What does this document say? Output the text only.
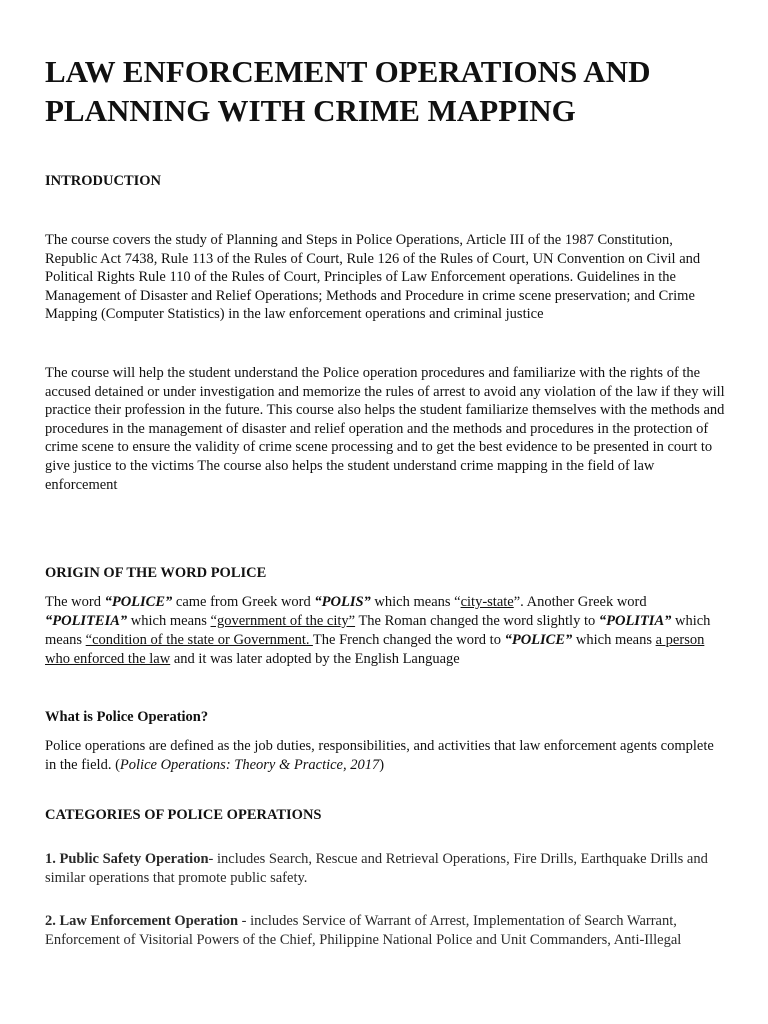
LAW ENFORCEMENT OPERATIONS AND PLANNING WITH CRIME MAPPING
INTRODUCTION

The course covers the study of Planning and Steps in Police Operations, Article III of the 1987 Constitution, Republic Act 7438, Rule 113 of the Rules of Court, Rule 126 of the Rules of Court, UN Convention on Civil and Political Rights Rule 110 of the Rules of Court, Principles of Law Enforcement operations. Guidelines in the Management of Disaster and Relief Operations; Methods and Procedure in crime scene preservation; and Crime Mapping (Computer Statistics) in the law enforcement operations and criminal justice

The course will help the student understand the Police operation procedures and familiarize with the rights of the accused detained or under investigation and memorize the rules of arrest to avoid any violation of the law if they will practice their profession in the future. This course also helps the student familiarize themselves with the methods and procedures in the management of disaster and relief operation and the methods and procedures in the protection of crime scene to ensure the validity of crime scene processing and to get the best evidence to be presented in court to give justice to the victims The course also helps the student understand crime mapping in the field of law enforcement

ORIGIN OF THE WORD POLICE

The word “POLICE” came from Greek word “POLIS” which means “city-state”. Another Greek word “POLITEIA” which means “government of the city” The Roman changed the word slightly to “POLITIA” which means “condition of the state or Government. The French changed the word to “POLICE” which means a person who enforced the law and it was later adopted by the English Language

What is Police Operation?

Police operations are defined as the job duties, responsibilities, and activities that law enforcement agents complete in the field. (Police Operations: Theory & Practice, 2017)

CATEGORIES OF POLICE OPERATIONS

1. Public Safety Operation- includes Search, Rescue and Retrieval Operations, Fire Drills, Earthquake Drills and similar operations that promote public safety.

2. Law Enforcement Operation - includes Service of Warrant of Arrest, Implementation of Search Warrant, Enforcement of Visitorial Powers of the Chief, Philippine National Police and Unit Commanders, Anti-Illegal
